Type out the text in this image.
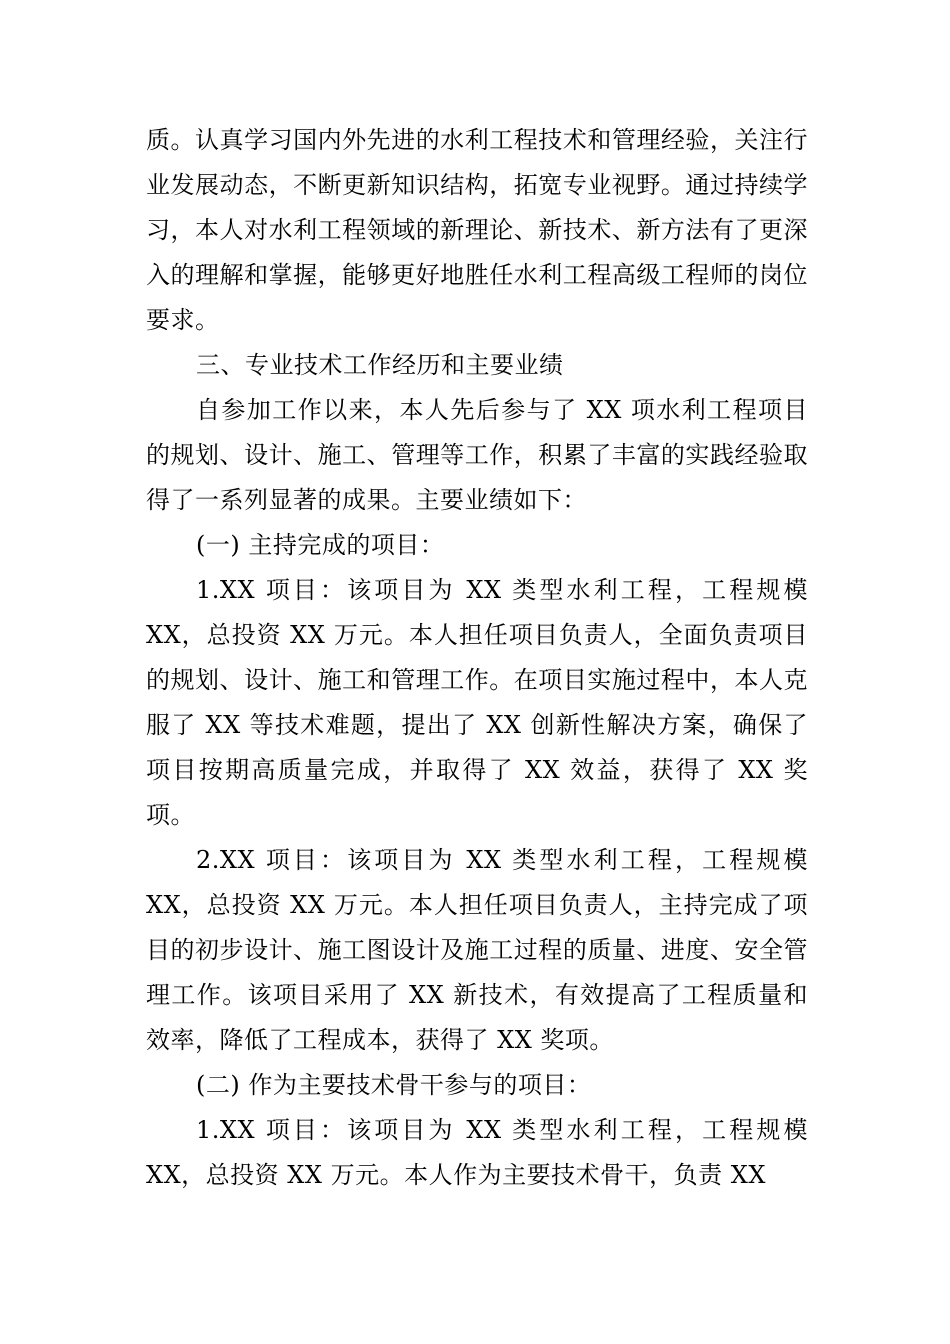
质。认真学习国内外先进的水利工程技术和管理经验，关注行业发展动态，不断更新知识结构，拓宽专业视野。通过持续学习，本人对水利工程领域的新理论、新技术、新方法有了更深入的理解和掌握，能够更好地胜任水利工程高级工程师的岗位要求。

三、专业技术工作经历和主要业绩

自参加工作以来，本人先后参与了 XX 项水利工程项目的规划、设计、施工、管理等工作，积累了丰富的实践经验取得了一系列显著的成果。主要业绩如下：

(一) 主持完成的项目：

1.XX 项目：该项目为 XX 类型水利工程，工程规模 XX，总投资 XX 万元。本人担任项目负责人，全面负责项目的规划、设计、施工和管理工作。在项目实施过程中，本人克服了 XX 等技术难题，提出了 XX 创新性解决方案，确保了项目按期高质量完成，并取得了 XX 效益，获得了 XX 奖项。

2.XX 项目：该项目为 XX 类型水利工程，工程规模 XX，总投资 XX 万元。本人担任项目负责人，主持完成了项目的初步设计、施工图设计及施工过程的质量、进度、安全管理工作。该项目采用了 XX 新技术，有效提高了工程质量和效率，降低了工程成本，获得了 XX 奖项。

(二) 作为主要技术骨干参与的项目：

1.XX 项目：该项目为 XX 类型水利工程，工程规模 XX，总投资 XX 万元。本人作为主要技术骨干，负责 XX
